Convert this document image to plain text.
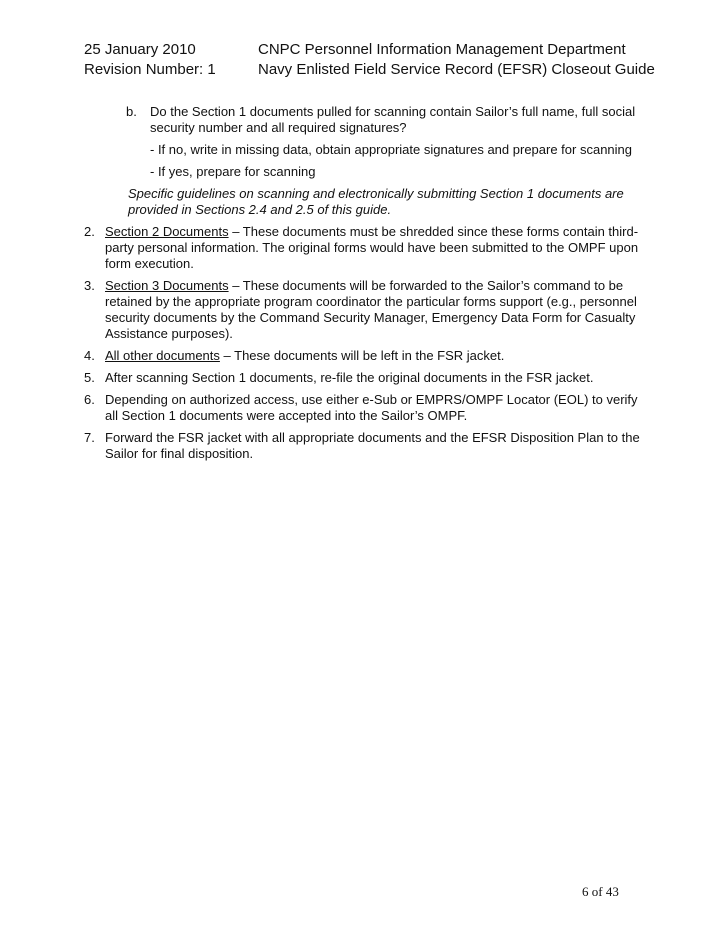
25 January 2010	CNPC Personnel Information Management Department
Revision Number: 1	Navy Enlisted Field Service Record (EFSR) Closeout Guide
b.	Do the Section 1 documents pulled for scanning contain Sailor’s full name, full social security number and all required signatures?
- If no, write in missing data, obtain appropriate signatures and prepare for scanning
- If yes, prepare for scanning
Specific guidelines on scanning and electronically submitting Section 1 documents are provided in Sections 2.4 and 2.5 of this guide.
2. Section 2 Documents – These documents must be shredded since these forms contain third-party personal information. The original forms would have been submitted to the OMPF upon form execution.
3. Section 3 Documents – These documents will be forwarded to the Sailor’s command to be retained by the appropriate program coordinator the particular forms support (e.g., personnel security documents by the Command Security Manager, Emergency Data Form for Casualty Assistance purposes).
4. All other documents – These documents will be left in the FSR jacket.
5. After scanning Section 1 documents, re-file the original documents in the FSR jacket.
6. Depending on authorized access, use either e-Sub or EMPRS/OMPF Locator (EOL) to verify all Section 1 documents were accepted into the Sailor’s OMPF.
7. Forward the FSR jacket with all appropriate documents and the EFSR Disposition Plan to the Sailor for final disposition.
6 of 43
